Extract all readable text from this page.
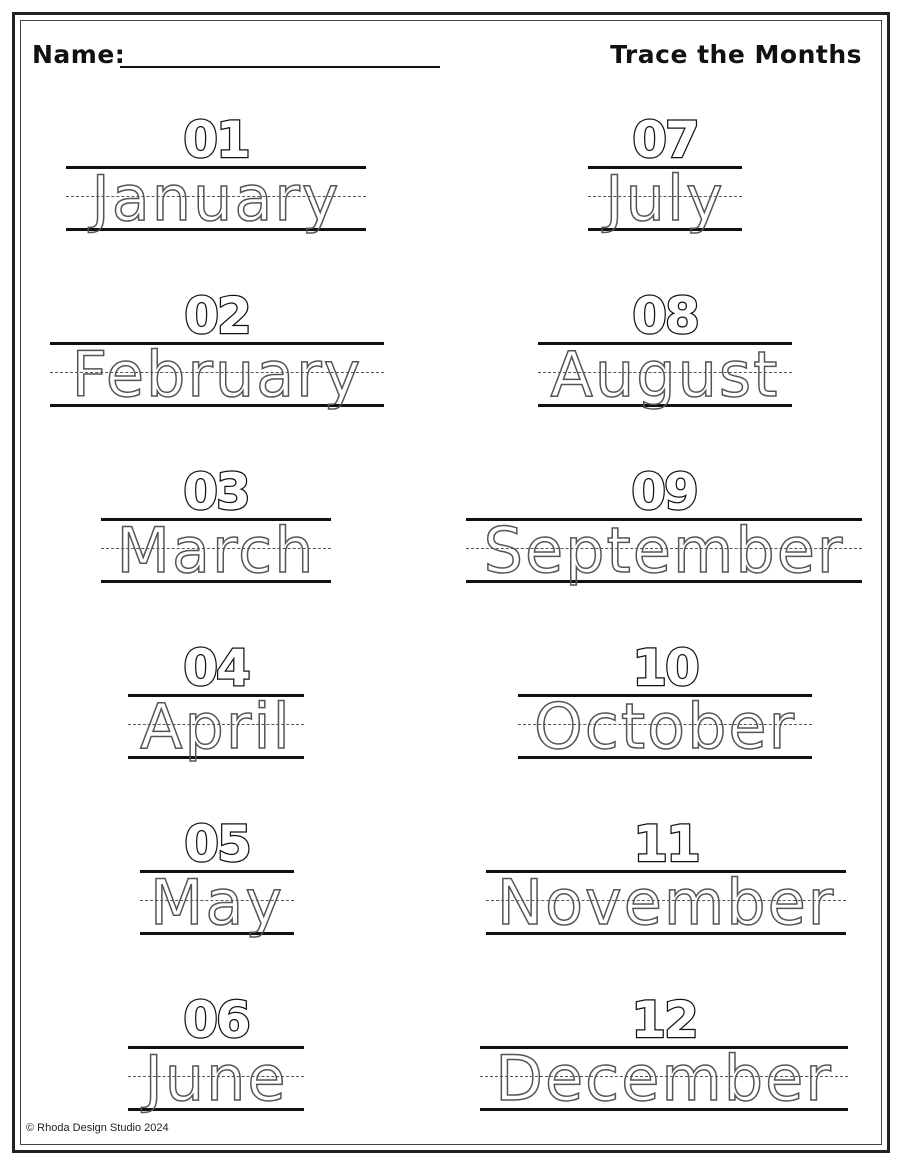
Name:	Trace the Months
01
January
02
February
03
March
04
April
05
May
06
June
07
July
08
August
09
September
10
October
11
November
12
December
© Rhoda Design Studio 2024
